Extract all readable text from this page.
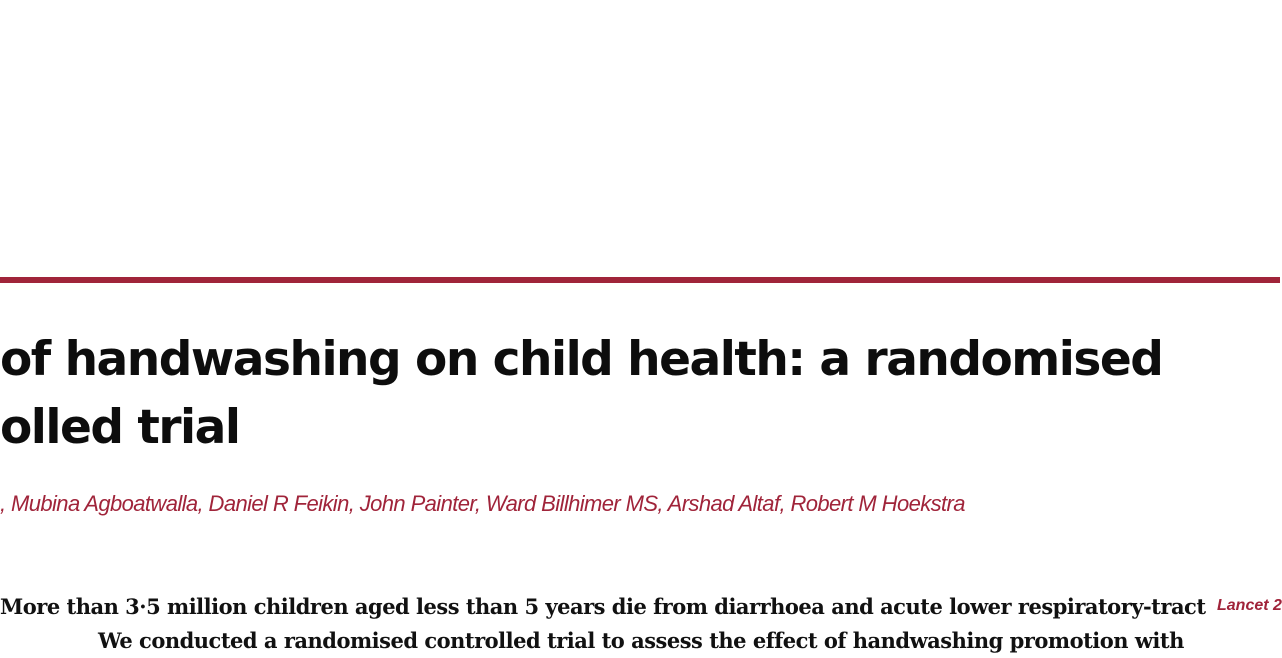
of handwashing on child health: a randomised
olled trial
, Mubina Agboatwalla, Daniel R Feikin, John Painter, Ward Billhimer MS, Arshad Altaf, Robert M Hoekstra
More than 3·5 million children aged less than 5 years die from diarrhoea and acute lower respiratory-tract
We conducted a randomised controlled trial to assess the effect of handwashing promotion with
Lancet 2
